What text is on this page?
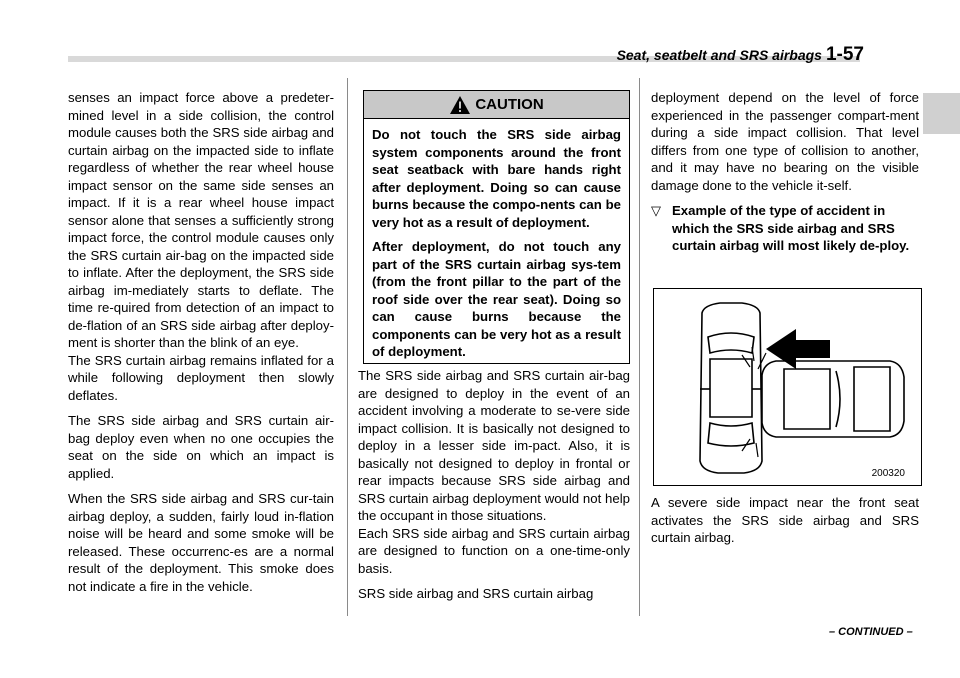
Seat, seatbelt and SRS airbags 1-57

senses an impact force above a predeter-mined level in a side collision, the control module causes both the SRS side airbag and curtain airbag on the impacted side to inflate regardless of whether the rear wheel house impact sensor on the same side senses an impact. If it is a rear wheel house impact sensor alone that senses a sufficiently strong impact force, the control module causes only the SRS curtain air-bag on the impacted side to inflate. After the deployment, the SRS side airbag im-mediately starts to deflate. The time re-quired from detection of an impact to de-flation of an SRS side airbag after deploy-ment is shorter than the blink of an eye.

The SRS curtain airbag remains inflated for a while following deployment then slowly deflates.

The SRS side airbag and SRS curtain air-bag deploy even when no one occupies the seat on the side on which an impact is applied.

When the SRS side airbag and SRS cur-tain airbag deploy, a sudden, fairly loud in-flation noise will be heard and some smoke will be released. These occurrenc-es are a normal result of the deployment. This smoke does not indicate a fire in the vehicle.

CAUTION

Do not touch the SRS side airbag system components around the front seat seatback with bare hands right after deployment. Doing so can cause burns because the compo-nents can be very hot as a result of deployment.

After deployment, do not touch any part of the SRS curtain airbag sys-tem (from the front pillar to the part of the roof side over the rear seat). Doing so can cause burns because the components can be very hot as a result of deployment.

The SRS side airbag and SRS curtain air-bag are designed to deploy in the event of an accident involving a moderate to se-vere side impact collision. It is basically not designed to deploy in a lesser side im-pact. Also, it is basically not designed to deploy in frontal or rear impacts because SRS side airbag and SRS curtain airbag deployment would not help the occupant in those situations.

Each SRS side airbag and SRS curtain airbag are designed to function on a one-time-only basis.

SRS side airbag and SRS curtain airbag

deployment depend on the level of force experienced in the passenger compart-ment during a side impact collision. That level differs from one type of collision to another, and it may have no bearing on the visible damage done to the vehicle it-self.

▽ Example of the type of accident in which the SRS side airbag and SRS curtain airbag will most likely de-ploy.
200320

A severe side impact near the front seat activates the SRS side airbag and SRS curtain airbag.

– CONTINUED –
